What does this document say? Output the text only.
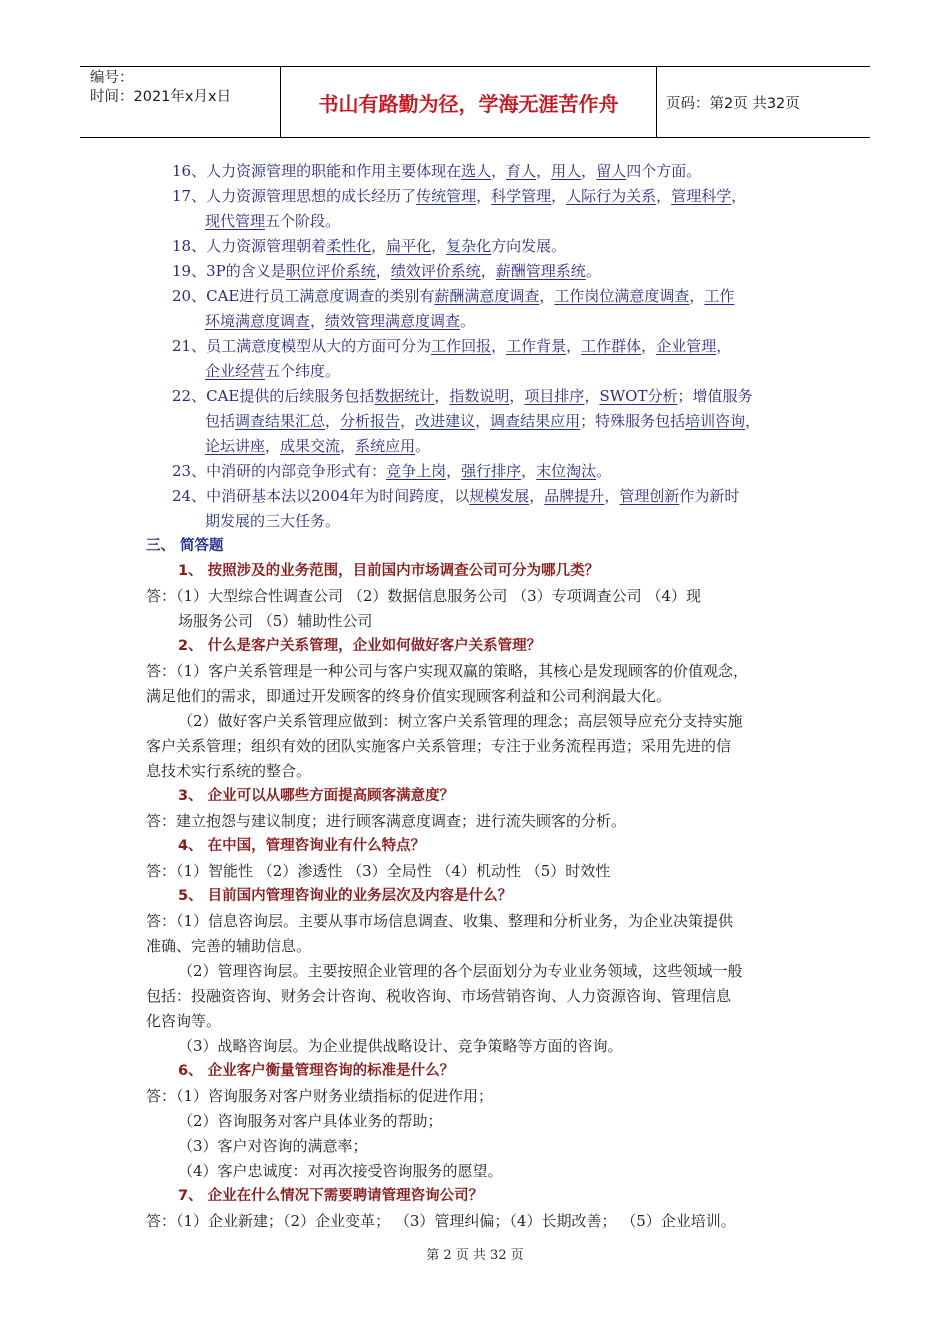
编号：
时间：2021年x月x日	书山有路勤为径，学海无涯苦作舟	页码：第2页 共32页
16、人力资源管理的职能和作用主要体现在选人，育人，用人，留人四个方面。
17、人力资源管理思想的成长经历了传统管理，科学管理，人际行为关系，管理科学，
现代管理五个阶段。
18、人力资源管理朝着柔性化，扁平化，复杂化方向发展。
19、3P的含义是职位评价系统，绩效评价系统，薪酬管理系统。
20、CAE进行员工满意度调查的类别有薪酬满意度调查，工作岗位满意度调查，工作
环境满意度调查，绩效管理满意度调查。
21、员工满意度模型从大的方面可分为工作回报，工作背景，工作群体，企业管理，
企业经营五个纬度。
22、CAE提供的后续服务包括数据统计，指数说明，项目排序，SWOT分析；增值服务
包括调查结果汇总，分析报告，改进建议，调查结果应用；特殊服务包括培训咨询，
论坛讲座，成果交流，系统应用。
23、中消研的内部竞争形式有：竞争上岗，强行排序，末位淘汰。
24、中消研基本法以2004年为时间跨度，以规模发展，品牌提升，管理创新作为新时
期发展的三大任务。
三、 简答题
1、 按照涉及的业务范围，目前国内市场调查公司可分为哪几类？
答：（1）大型综合性调查公司 （2）数据信息服务公司 （3）专项调查公司 （4）现
场服务公司 （5）辅助性公司
2、 什么是客户关系管理，企业如何做好客户关系管理？
答：（1）客户关系管理是一种公司与客户实现双赢的策略，其核心是发现顾客的价值观念，
满足他们的需求，即通过开发顾客的终身价值实现顾客利益和公司利润最大化。
（2）做好客户关系管理应做到：树立客户关系管理的理念；高层领导应充分支持实施
客户关系管理；组织有效的团队实施客户关系管理；专注于业务流程再造；采用先进的信
息技术实行系统的整合。
3、 企业可以从哪些方面提高顾客满意度？
答：建立抱怨与建议制度；进行顾客满意度调查；进行流失顾客的分析。
4、 在中国，管理咨询业有什么特点？
答：（1）智能性 （2）渗透性 （3）全局性 （4）机动性 （5）时效性
5、 目前国内管理咨询业的业务层次及内容是什么？
答：（1）信息咨询层。主要从事市场信息调查、收集、整理和分析业务，为企业决策提供
准确、完善的辅助信息。
（2）管理咨询层。主要按照企业管理的各个层面划分为专业业务领域，这些领域一般
包括：投融资咨询、财务会计咨询、税收咨询、市场营销咨询、人力资源咨询、管理信息
化咨询等。
（3）战略咨询层。为企业提供战略设计、竞争策略等方面的咨询。
6、 企业客户衡量管理咨询的标准是什么？
答：（1）咨询服务对客户财务业绩指标的促进作用；
（2）咨询服务对客户具体业务的帮助；
（3）客户对咨询的满意率；
（4）客户忠诚度：对再次接受咨询服务的愿望。
7、 企业在什么情况下需要聘请管理咨询公司？
答：（1）企业新建；（2）企业变革； （3）管理纠偏；（4）长期改善； （5）企业培训。
第 2 页 共 32 页
